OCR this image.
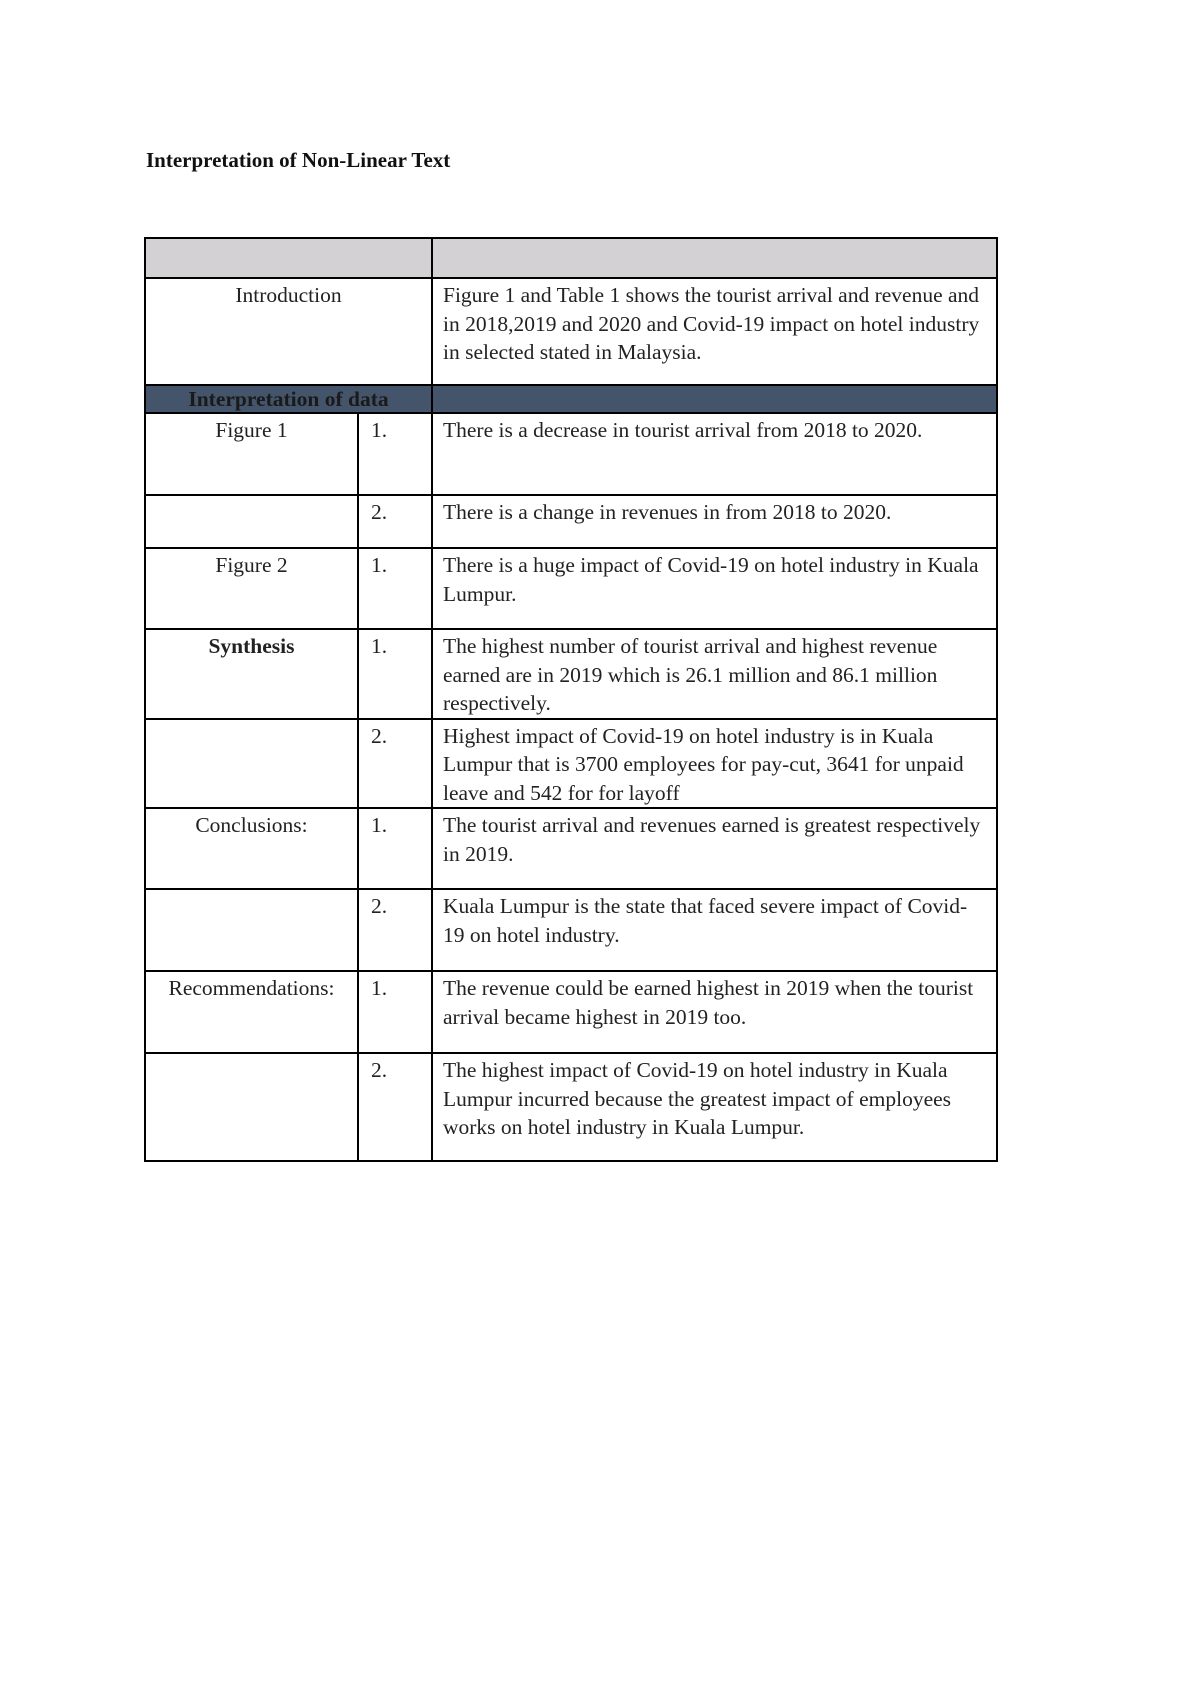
Interpretation of Non-Linear Text

Introduction		Figure 1 and Table 1 shows the tourist arrival and revenue and in 2018,2019 and 2020 and Covid-19 impact on hotel industry in selected stated in Malaysia.
Interpretation of data		
Figure 1	1.	There is a decrease in tourist arrival from 2018 to 2020.
	2.	There is a change in revenues in from 2018 to 2020.
Figure 2	1.	There is a huge impact of Covid-19 on hotel industry in Kuala Lumpur.
Synthesis	1.	The highest number of tourist arrival and highest revenue earned are in 2019 which is 26.1 million and 86.1 million respectively.
	2.	Highest impact of Covid-19 on hotel industry is in Kuala Lumpur that is 3700 employees for pay-cut, 3641 for unpaid leave and 542 for for layoff
Conclusions:	1.	The tourist arrival and revenues earned is greatest respectively in 2019.
	2.	Kuala Lumpur is the state that faced severe impact of Covid-19 on hotel industry.
Recommendations:	1.	The revenue could be earned highest in 2019 when the tourist arrival became highest in 2019 too.
	2.	The highest impact of Covid-19 on hotel industry in Kuala Lumpur incurred because the greatest impact of employees works on hotel industry in Kuala Lumpur.
